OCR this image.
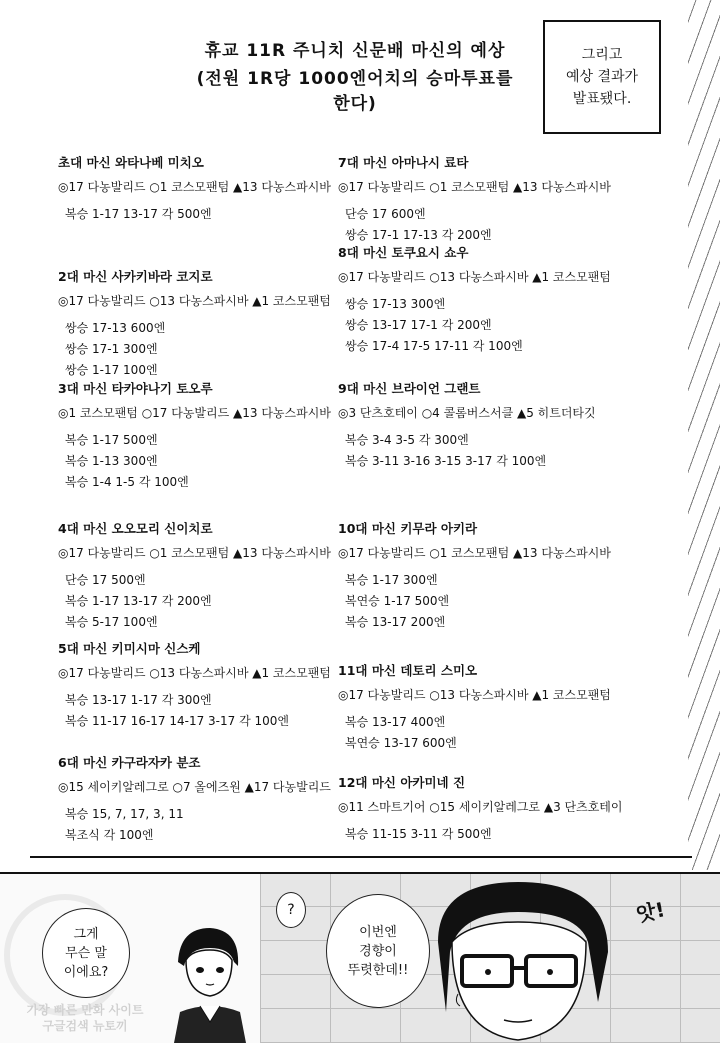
휴교 11R 주니치 신문배 마신의 예상
(전원 1R당 1000엔어치의 승마투표를 한다)
그리고
예상 결과가
발표됐다.
초대 마신 와타나베 미치오
◎17 다농발리드 ○1 코스모팬텀 ▲13 다농스파시바
복승 1-17 13-17 각 500엔
2대 마신 사카키바라 코지로
◎17 다농발리드 ○13 다농스파시바 ▲1 코스모팬텀
쌍승 17-13 600엔
쌍승 17-1 300엔
쌍승 1-17 100엔
3대 마신 타카야나기 토오루
◎1 코스모팬텀 ○17 다농발리드 ▲13 다농스파시바
복승 1-17 500엔
복승 1-13 300엔
복승 1-4 1-5 각 100엔
4대 마신 오오모리 신이치로
◎17 다농발리드 ○1 코스모팬텀 ▲13 다농스파시바
단승 17 500엔
복승 1-17 13-17 각 200엔
복승 5-17 100엔
5대 마신 키미시마 신스케
◎17 다농발리드 ○13 다농스파시바 ▲1 코스모팬텀
복승 13-17 1-17 각 300엔
복승 11-17 16-17 14-17 3-17 각 100엔
6대 마신 카구라자카 분조
◎15 세이키알레그로 ○7 올에즈원 ▲17 다농발리드
복승 15, 7, 17, 3, 11
복조식 각 100엔
7대 마신 아마나시 료타
◎17 다농발리드 ○1 코스모팬텀 ▲13 다농스파시바
단승 17 600엔
쌍승 17-1 17-13 각 200엔
8대 마신 토쿠요시 쇼우
◎17 다농발리드 ○13 다농스파시바 ▲1 코스모팬텀
쌍승 17-13 300엔
쌍승 13-17 17-1 각 200엔
쌍승 17-4 17-5 17-11 각 100엔
9대 마신 브라이언 그랜트
◎3 단츠호테이 ○4 콜롬버스서클 ▲5 히트더타깃
복승 3-4 3-5 각 300엔
복승 3-11 3-16 3-15 3-17 각 100엔
10대 마신 키무라 아키라
◎17 다농발리드 ○1 코스모팬텀 ▲13 다농스파시바
복승 1-17 300엔
복연승 1-17 500엔
복승 13-17 200엔
11대 마신 데토리 스미오
◎17 다농발리드 ○13 다농스파시바 ▲1 코스모팬텀
복승 13-17 400엔
복연승 13-17 600엔
12대 마신 아카미네 진
◎11 스마트기어 ○15 세이키알레그로 ▲3 단츠호테이
복승 11-15 3-11 각 500엔
그게
무슨 말
이에요?
?
이번엔
경향이
뚜렷한데!!
앗!
가장 빠른 만화 사이트
구글검색 뉴토끼
